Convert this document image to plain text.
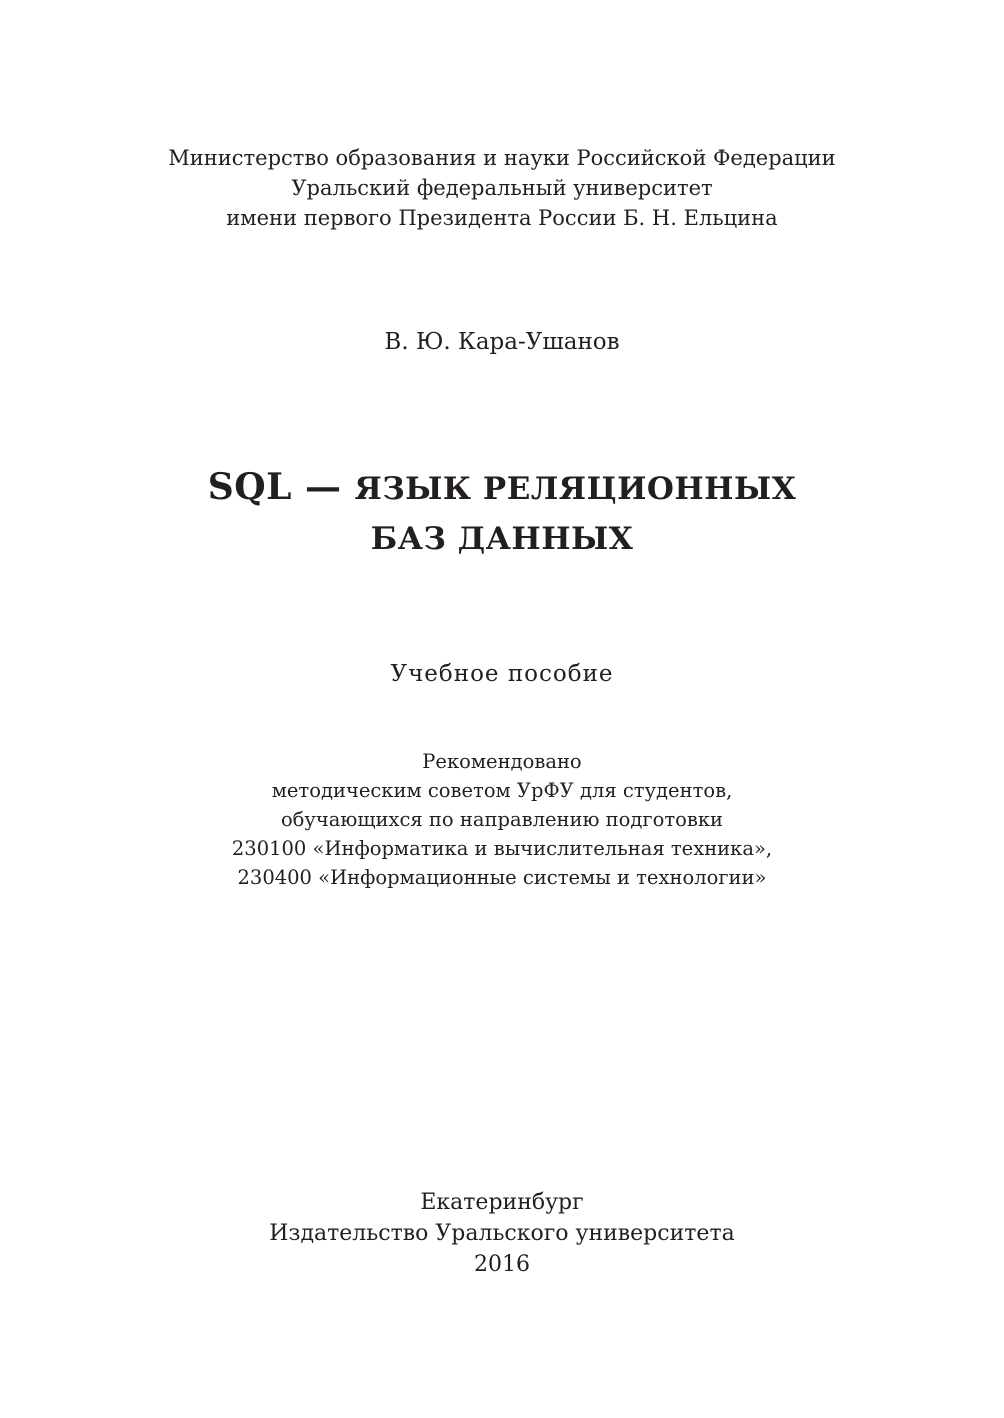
Министерство образования и науки Российской Федерации
Уральский федеральный университет
имени первого Президента России Б. Н. Ельцина
В. Ю. Кара-Ушанов
SQL — ЯЗЫК РЕЛЯЦИОННЫХ
БАЗ ДАННЫХ
Учебное пособие
Рекомендовано
методическим советом УрФУ для студентов,
обучающихся по направлению подготовки
230100 «Информатика и вычислительная техника»,
230400 «Информационные системы и технологии»
Екатеринбург
Издательство Уральского университета
2016
